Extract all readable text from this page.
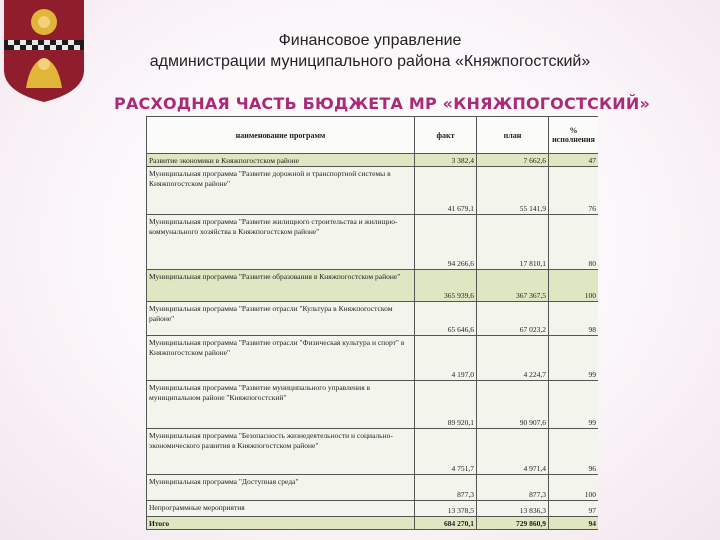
Финансовое управление
администрации муниципального района «Княжпогостский»
РАСХОДНАЯ ЧАСТЬ БЮДЖЕТА МР «КНЯЖПОГОСТСКИЙ»
наименование программ	факт	план	% исполнения
Развитие экономики в Княжпогостском районе	3 382,4	7 662,6	47
Муниципальная программа "Развитие дорожной и транспортной системы в Княжпогостском районе"	41 679,1	55 141,9	76
Муниципальная программа "Развитие жилищного строительства и жилищно-коммунального хозяйства в Княжпогостском районе"	94 266,6	17 810,1	80
Муниципальная программа "Развитие образования в Княжпогостском районе"	365 939,6	367 367,5	100
Муниципальная программа "Развитие отрасли "Культура в Княжпогостском районе"	65 646,6	67 023,2	98
Муниципальная программа "Развитие отрасли "Физическая культура и спорт" в Княжпогостском районе"	4 197,0	4 224,7	99
Муниципальная программа "Развитие муниципального управления в муниципальном районе "Княжпогостский"	89 920,1	90 907,6	99
Муниципальная программа "Безопасность жизнедеятельности и социально-экономического развития в Княжпогостском районе"	4 751,7	4 971,4	96
Муниципальная программа "Доступная среда"	877,3	877,3	100
Непрограммные мероприятия	13 378,5	13 836,3	97
Итого	684 270,1	729 860,9	94
